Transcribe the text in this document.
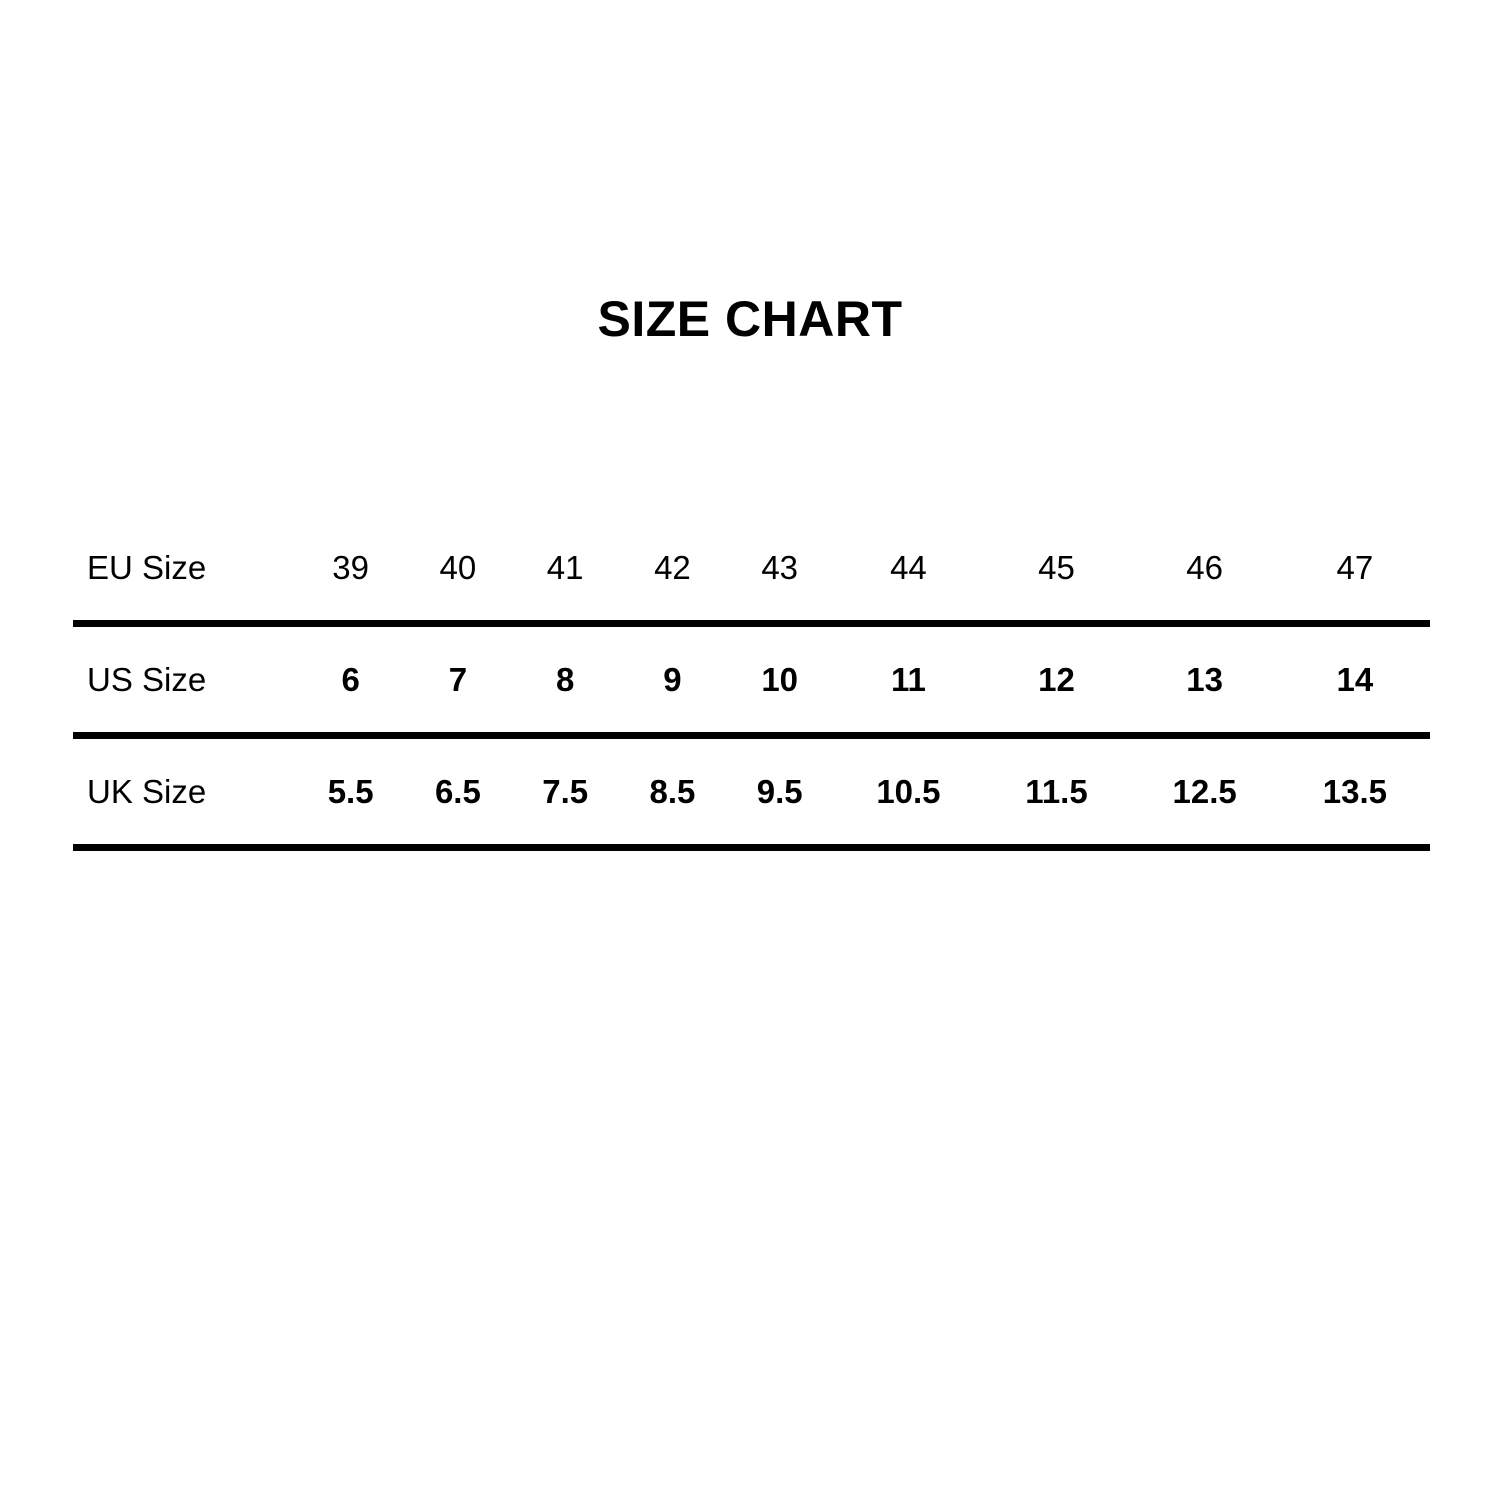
SIZE CHART
EU Size	39	40	41	42	43	44	45	46	47
US Size	6	7	8	9	10	11	12	13	14
UK Size	5.5	6.5	7.5	8.5	9.5	10.5	11.5	12.5	13.5
